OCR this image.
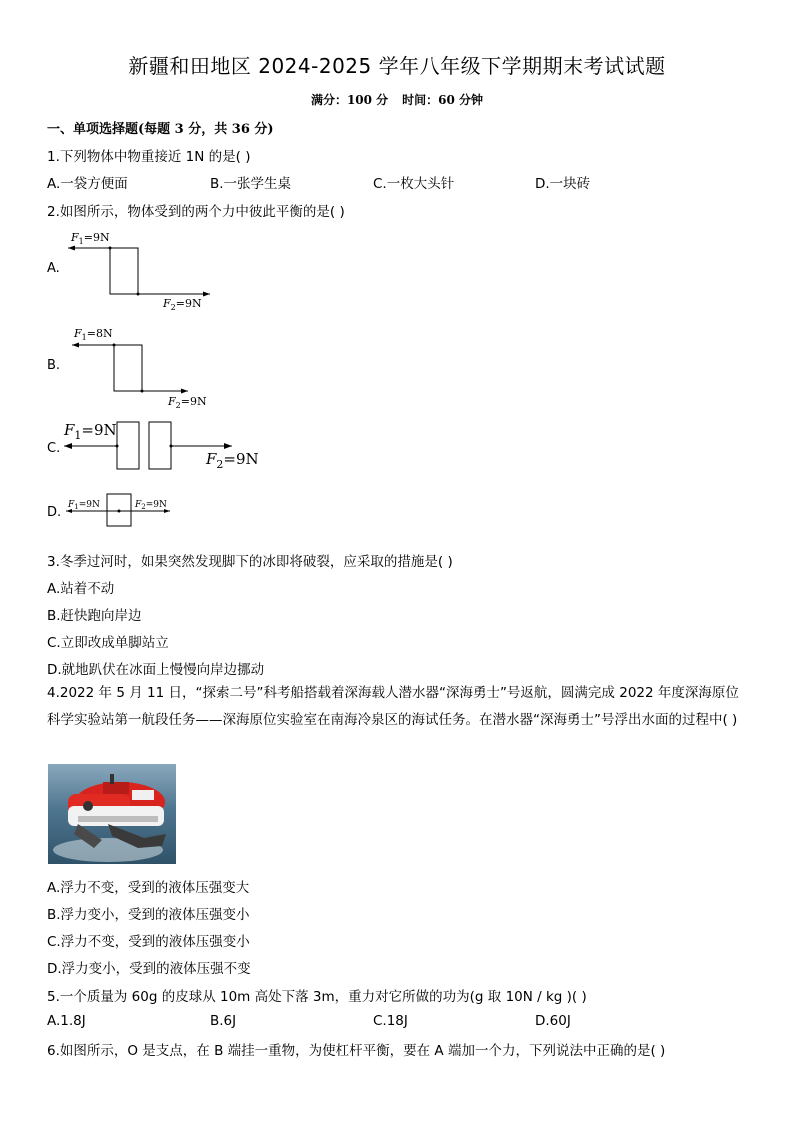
新疆和田地区 2024-2025 学年八年级下学期期末考试试题
满分：100 分 时间：60 分钟
一、单项选择题(每题 3 分，共 36 分)
1.下列物体中物重接近 1N 的是( )
A.一袋方便面	B.一张学生桌	C.一枚大头针	D.一块砖
2.如图所示，物体受到的两个力中彼此平衡的是( )
A.
$F_1=9N$
$F_2=9N$
B.
$F_1=8N$
$F_2=9N$
C.
$F_1=9N$
$F_2=9N$
D. $F_1=9N$	$F_2=9N$
3.冬季过河时，如果突然发现脚下的冰即将破裂，应采取的措施是( )
A.站着不动
B.赶快跑向岸边
C.立即改成单脚站立
D.就地趴伏在冰面上慢慢向岸边挪动
4.2022 年 5 月 11 日，“探索二号”科考船搭载着深海载人潜水器“深海勇士”号返航，圆满完成 2022 年度深海原位科学实验站第一航段任务——深海原位实验室在南海冷泉区的海试任务。在潜水器“深海勇士”号浮出水面的过程中( )
A.浮力不变，受到的液体压强变大
B.浮力变小，受到的液体压强变小
C.浮力不变，受到的液体压强变小
D.浮力变小，受到的液体压强不变
5.一个质量为 60g 的皮球从 10m 高处下落 3m，重力对它所做的功为(g 取 10N / kg )( )
A.1.8J	B.6J	C.18J	D.60J
6.如图所示，O 是支点，在 B 端挂一重物，为使杠杆平衡，要在 A 端加一个力，下列说法中正确的是( )
